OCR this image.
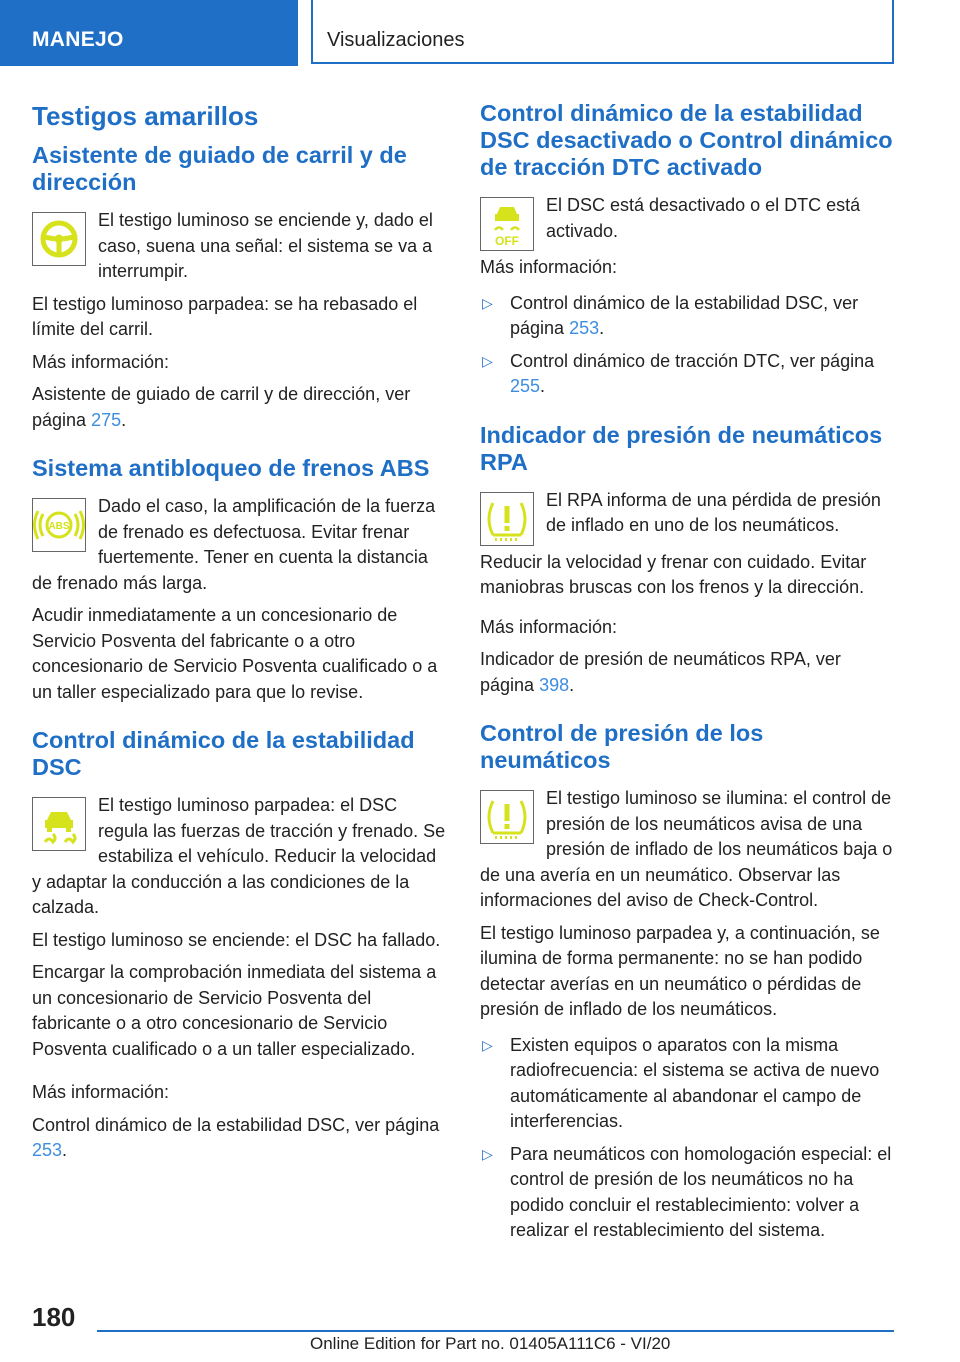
MANEJO	Visualizaciones
Testigos amarillos
Asistente de guiado de carril y de dirección

El testigo luminoso se enciende y, dado el caso, suena una señal: el sistema se va a interrumpir.

El testigo luminoso parpadea: se ha rebasado el límite del carril.

Más información:

Asistente de guiado de carril y de dirección, ver página 275.

Sistema antibloqueo de frenos ABS
ABS

Dado el caso, la amplificación de la fuerza de frenado es defectuosa. Evitar frenar fuertemente. Tener en cuenta la distancia de frenado más larga.

Acudir inmediatamente a un concesionario de Servicio Posventa del fabricante o a otro concesionario de Servicio Posventa cualificado o a un taller especializado para que lo revise.

Control dinámico de la estabilidad DSC

El testigo luminoso parpadea: el DSC regula las fuerzas de tracción y frenado. Se estabiliza el vehículo. Reducir la velocidad y adaptar la conducción a las condiciones de la calzada.

El testigo luminoso se enciende: el DSC ha fallado.

Encargar la comprobación inmediata del sistema a un concesionario de Servicio Posventa del fabricante o a otro concesionario de Servicio Posventa cualificado o a un taller especializado.

Más información:

Control dinámico de la estabilidad DSC, ver página 253.

Control dinámico de la estabilidad DSC desactivado o Control dinámico de tracción DTC activado
OFF

El DSC está desactivado o el DTC está activado.

Más información:

▷ Control dinámico de la estabilidad DSC, ver página 253.
▷ Control dinámico de tracción DTC, ver página 255.
Indicador de presión de neumáticos RPA

El RPA informa de una pérdida de presión de inflado en uno de los neumáticos.

Reducir la velocidad y frenar con cuidado. Evitar maniobras bruscas con los frenos y la dirección.

Más información:

Indicador de presión de neumáticos RPA, ver página 398.

Control de presión de los neumáticos

El testigo luminoso se ilumina: el control de presión de los neumáticos avisa de una presión de inflado de los neumáticos baja o de una avería en un neumático. Observar las informaciones del aviso de Check-Control.

El testigo luminoso parpadea y, a continuación, se ilumina de forma permanente: no se han podido detectar averías en un neumático o pérdidas de presión de inflado de los neumáticos.

▷ Existen equipos o aparatos con la misma radiofrecuencia: el sistema se activa de nuevo automáticamente al abandonar el campo de interferencias.
▷ Para neumáticos con homologación especial: el control de presión de los neumáticos no ha podido concluir el restablecimiento: volver a realizar el restablecimiento del sistema.
180
Online Edition for Part no. 01405A111C6 - VI/20
